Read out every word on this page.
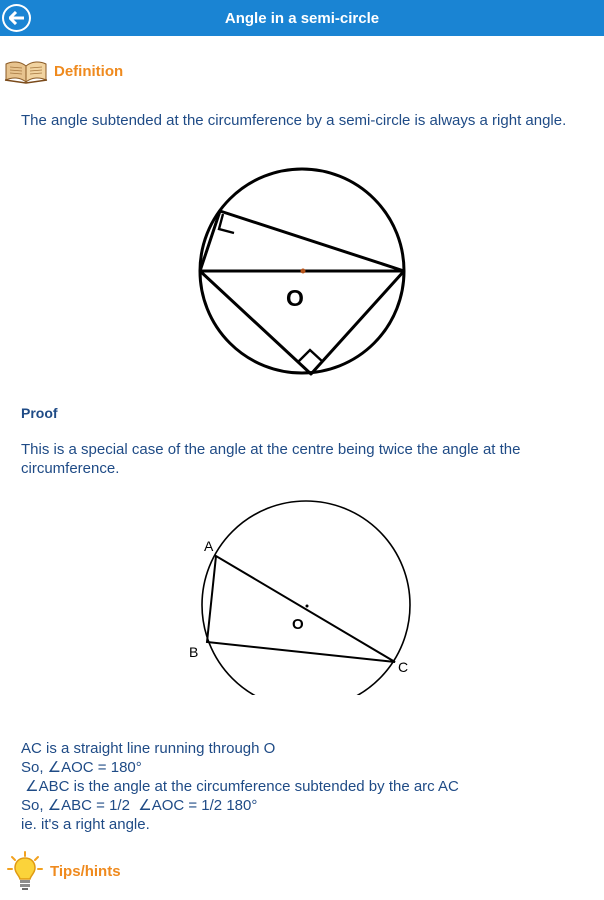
Angle in a semi-circle
Definition
The angle subtended at the circumference by a semi-circle is always a right angle.
O
Proof
This is a special case of the angle at the centre being twice the angle at the circumference.
A
B
C
O
AC is a straight line running through O
So, ∠AOC = 180°
∠ABC is the angle at the circumference subtended by the arc AC
So, ∠ABC = 1/2  ∠AOC = 1/2 180°
ie. it's a right angle.
Tips/hints
